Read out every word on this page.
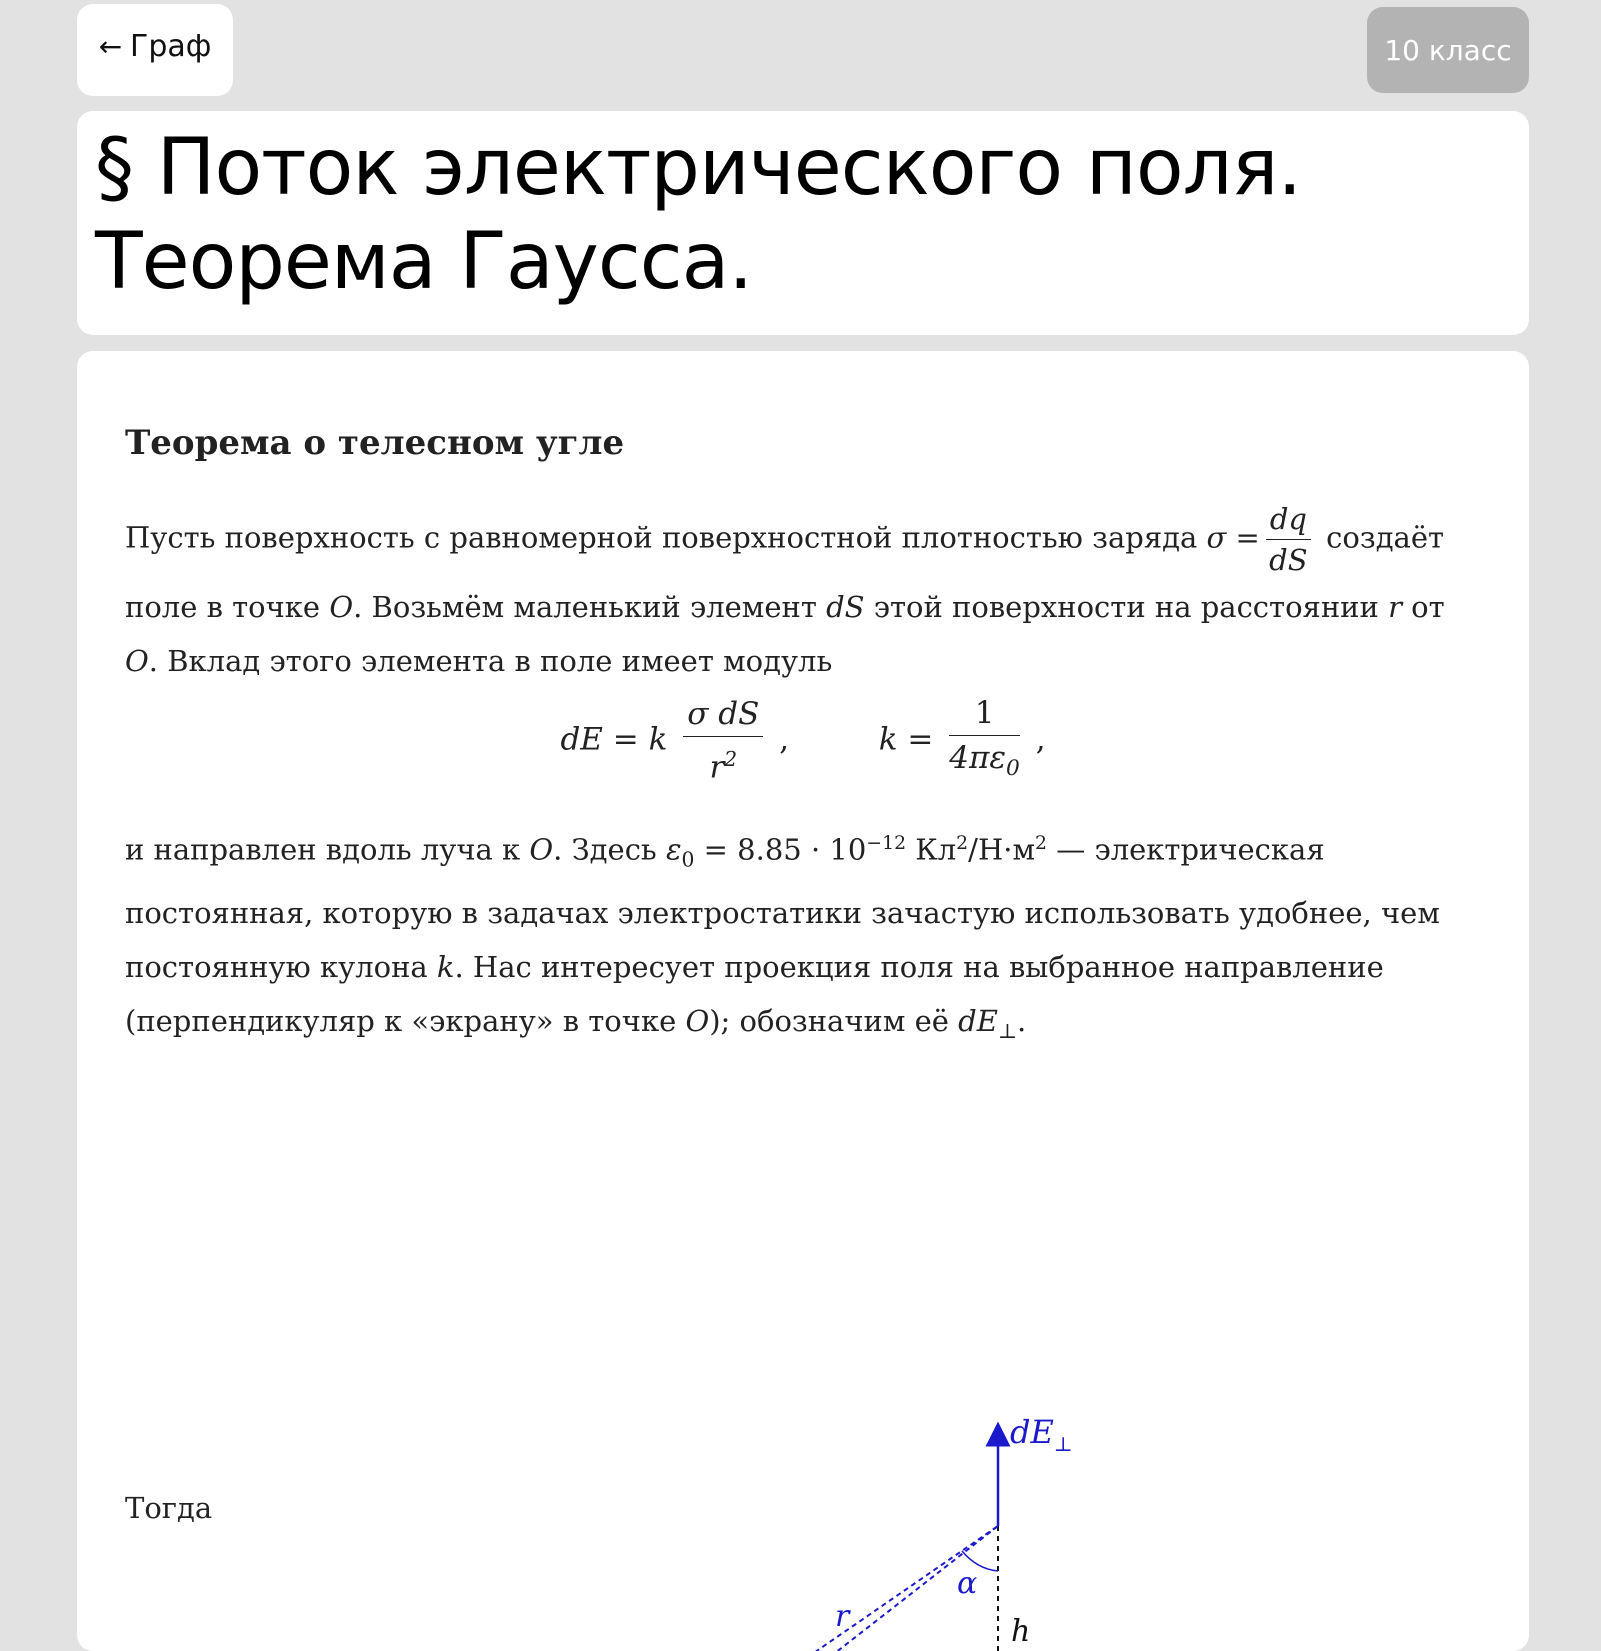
← Граф	10 класс
§ Поток электрического поля.
Теорема Гаусса.
Теорема о телесном угле
Пусть поверхность с равномерной поверхностной плотностью заряда $\sigma = \frac{dq}{dS}$ создаёт поле в точке O. Возьмём маленький элемент dS этой поверхности на расстоянии r от O. Вклад этого элемента в поле имеет модуль
dE = k $\frac{\text{σ dS}}{r^2}$ ,	$k = \frac{1}{4\pi\varepsilon_0}$ ,
и направлен вдоль луча к O. Здесь $\varepsilon_0 = 8.85 \cdot 10^{-12}$ $Кл^2/Н\cdot м^2$ — электрическая постоянная, которую в задачах электростатики зачастую использовать удобнее, чем постоянную кулона k. Нас интересует проекция поля на выбранное направление (перпендикуляр к «экрану» в точке O); обозначим её $dE_\perp$.
$dE_\perp$
α
r	h
Тогда
